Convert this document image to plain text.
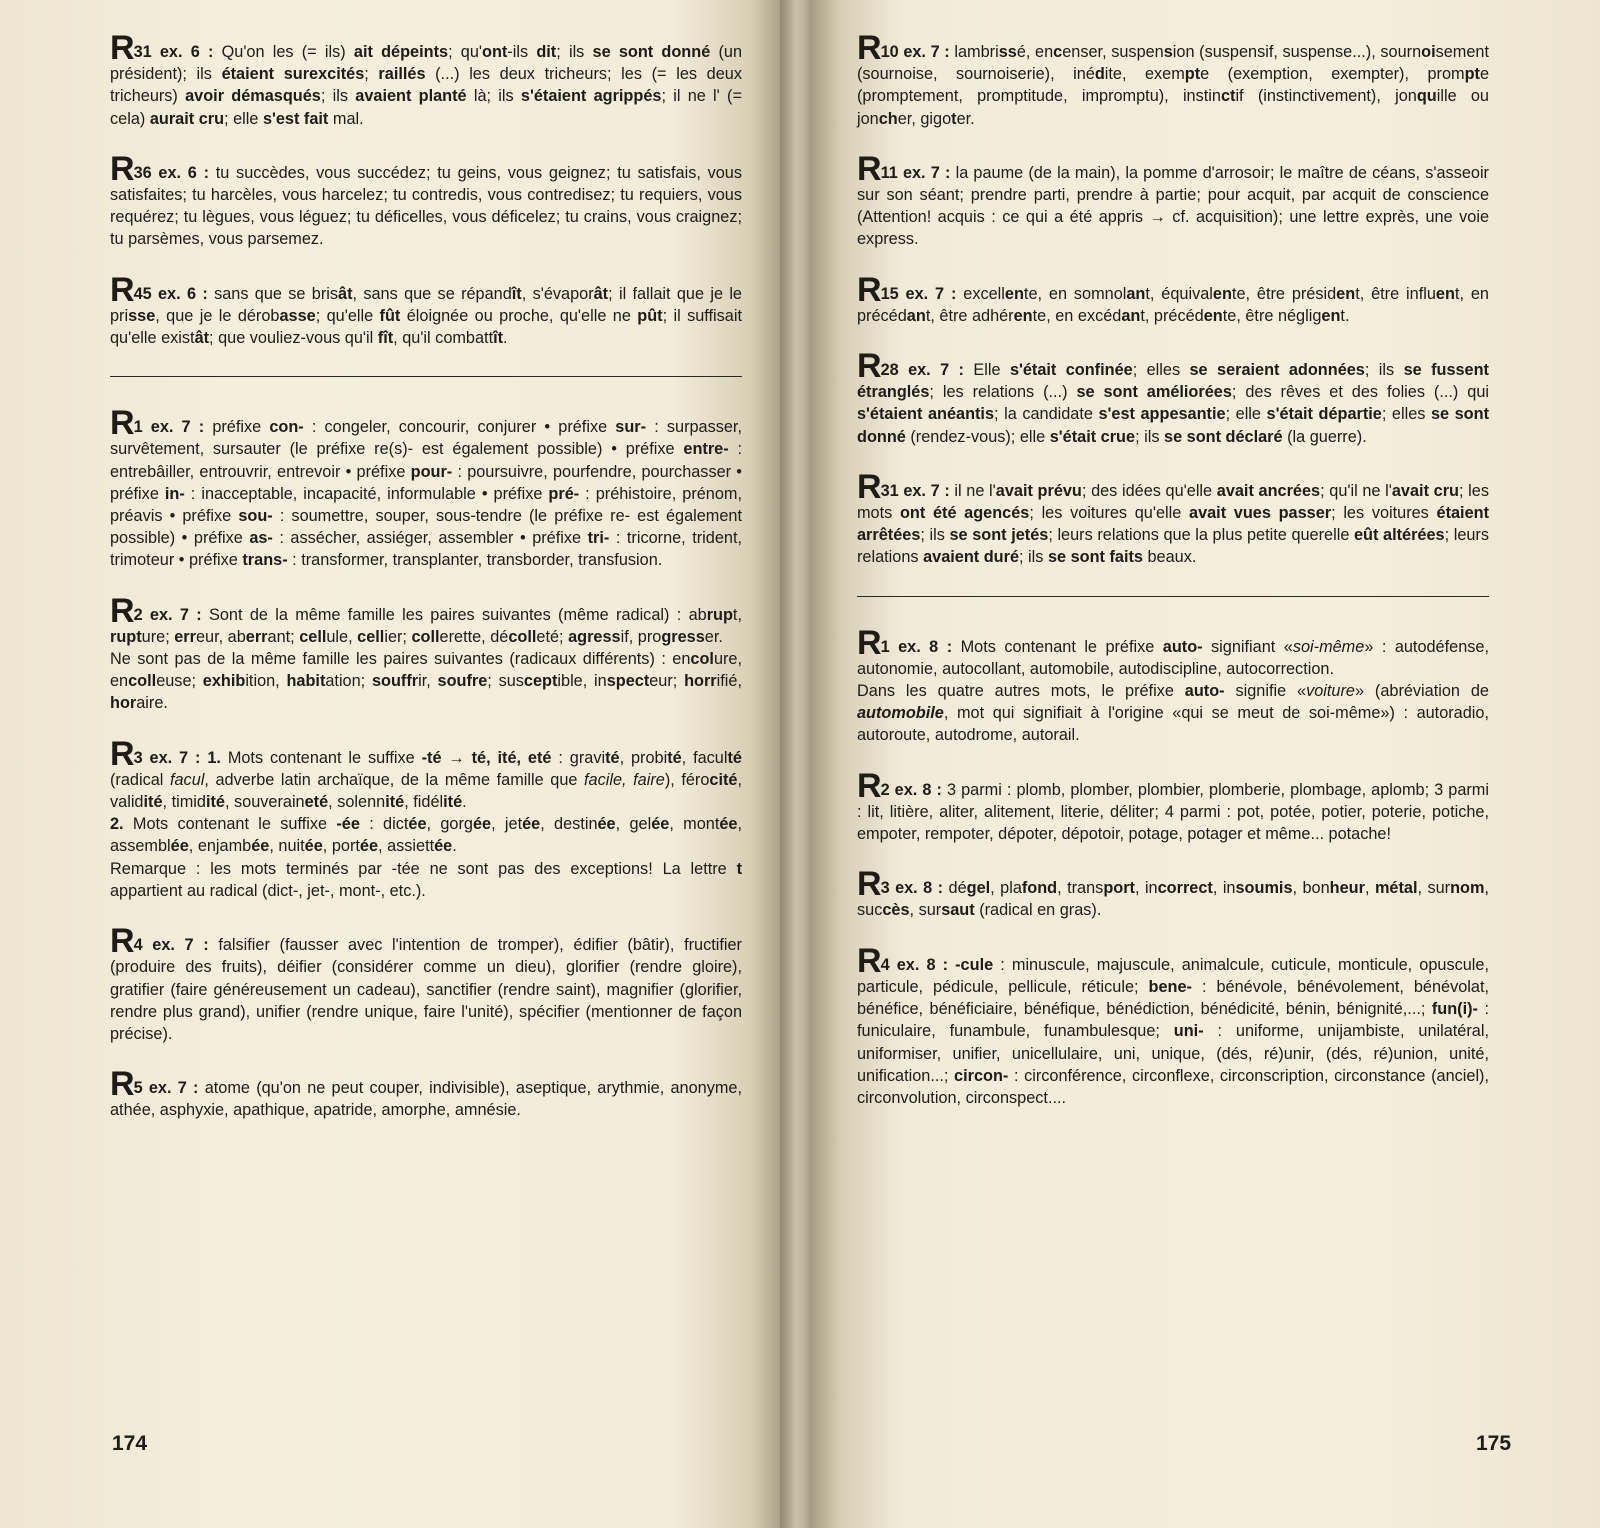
R31 ex. 6 : Qu'on les (= ils) ait dépeints; qu'ont-ils dit; ils se sont donné (un président); ils étaient surexcités; raillés (...) les deux tricheurs; les (= les deux tricheurs) avoir démasqués; ils avaient planté là; ils s'étaient agrippés; il ne l' (= cela) aurait cru; elle s'est fait mal.

R36 ex. 6 : tu succèdes, vous succédez; tu geins, vous geignez; tu satisfais, vous satisfaites; tu harcèles, vous harcelez; tu contredis, vous contredisez; tu requiers, vous requérez; tu lègues, vous léguez; tu déficelles, vous déficelez; tu crains, vous craignez; tu parsèmes, vous parsemez.

R45 ex. 6 : sans que se brisât, sans que se répandît, s'évaporât; il fallait que je le prisse, que je le dérobasse; qu'elle fût éloignée ou proche, qu'elle ne pût; il suffisait qu'elle existât; que vouliez-vous qu'il fît, qu'il combattît.

R1 ex. 7 : préfixe con- : congeler, concourir, conjurer • préfixe sur- : surpasser, survêtement, sursauter (le préfixe re(s)- est également possible) • préfixe entre- : entrebâiller, entrouvrir, entrevoir • préfixe pour- : poursuivre, pourfendre, pourchasser • préfixe in- : inacceptable, incapacité, informulable • préfixe pré- : préhistoire, prénom, préavis • préfixe sou- : soumettre, souper, sous-tendre (le préfixe re- est également possible) • préfixe as- : assécher, assiéger, assembler • préfixe tri- : tricorne, trident, trimoteur • préfixe trans- : transformer, transplanter, transborder, transfusion.

R2 ex. 7 : Sont de la même famille les paires suivantes (même radical) : abrupt, rupture; erreur, aberrant; cellule, cellier; collerette, décolleté; agressif, progresser.
Ne sont pas de la même famille les paires suivantes (radicaux différents) : encolure, encolleuse; exhibition, habitation; souffrir, soufre; susceptible, inspecteur; horrifié, horaire.

R3 ex. 7 : 1. Mots contenant le suffixe -té → té, ité, eté : gravité, probité, faculté (radical facul, adverbe latin archaïque, de la même famille que facile, faire), férocité, validité, timidité, souveraineté, solennité, fidélité.
2. Mots contenant le suffixe -ée : dictée, gorgée, jetée, destinée, gelée, montée, assemblée, enjambée, nuitée, portée, assiettée.
Remarque : les mots terminés par -tée ne sont pas des exceptions! La lettre t appartient au radical (dict-, jet-, mont-, etc.).

R4 ex. 7 : falsifier (fausser avec l'intention de tromper), édifier (bâtir), fructifier (produire des fruits), déifier (considérer comme un dieu), glorifier (rendre gloire), gratifier (faire généreusement un cadeau), sanctifier (rendre saint), magnifier (glorifier, rendre plus grand), unifier (rendre unique, faire l'unité), spécifier (mentionner de façon précise).

R5 ex. 7 : atome (qu'on ne peut couper, indivisible), aseptique, arythmie, anonyme, athée, asphyxie, apathique, apatride, amorphe, amnésie.

174

R10 ex. 7 : lambrissé, encenser, suspension (suspensif, suspense...), sournoisement (sournoise, sournoiserie), inédite, exempte (exemption, exempter), prompte (promptement, promptitude, impromptu), instinctif (instinctivement), jonquille ou joncher, gigoter.

R11 ex. 7 : la paume (de la main), la pomme d'arrosoir; le maître de céans, s'asseoir sur son séant; prendre parti, prendre à partie; pour acquit, par acquit de conscience (Attention! acquis : ce qui a été appris → cf. acquisition); une lettre exprès, une voie express.

R15 ex. 7 : excellente, en somnolant, équivalente, être président, être influent, en précédant, être adhérente, en excédant, précédente, être négligent.

R28 ex. 7 : Elle s'était confinée; elles se seraient adonnées; ils se fussent étranglés; les relations (...) se sont améliorées; des rêves et des folies (...) qui s'étaient anéantis; la candidate s'est appesantie; elle s'était départie; elles se sont donné (rendez-vous); elle s'était crue; ils se sont déclaré (la guerre).

R31 ex. 7 : il ne l'avait prévu; des idées qu'elle avait ancrées; qu'il ne l'avait cru; les mots ont été agencés; les voitures qu'elle avait vues passer; les voitures étaient arrêtées; ils se sont jetés; leurs relations que la plus petite querelle eût altérées; leurs relations avaient duré; ils se sont faits beaux.

R1 ex. 8 : Mots contenant le préfixe auto- signifiant «soi-même» : autodéfense, autonomie, autocollant, automobile, autodiscipline, autocorrection.
Dans les quatre autres mots, le préfixe auto- signifie «voiture» (abréviation de automobile, mot qui signifiait à l'origine «qui se meut de soi-même») : autoradio, autoroute, autodrome, autorail.

R2 ex. 8 : 3 parmi : plomb, plomber, plombier, plomberie, plombage, aplomb; 3 parmi : lit, litière, aliter, alitement, literie, déliter; 4 parmi : pot, potée, potier, poterie, potiche, empoter, rempoter, dépoter, dépotoir, potage, potager et même... potache!

R3 ex. 8 : dégel, plafond, transport, incorrect, insoumis, bonheur, métal, surnom, succès, sursaut (radical en gras).

R4 ex. 8 : -cule : minuscule, majuscule, animalcule, cuticule, monticule, opuscule, particule, pédicule, pellicule, réticule; bene- : bénévole, bénévolement, bénévolat, bénéfice, bénéficiaire, bénéfique, bénédiction, bénédicité, bénin, bénignité,...; fun(i)- : funiculaire, funambule, funambulesque; uni- : uniforme, unijambiste, unilatéral, uniformiser, unifier, unicellulaire, uni, unique, (dés, ré)unir, (dés, ré)union, unité, unification...; circon- : circonférence, circonflexe, circonscription, circonstance (anciel), circonvolution, circonspect....

175
